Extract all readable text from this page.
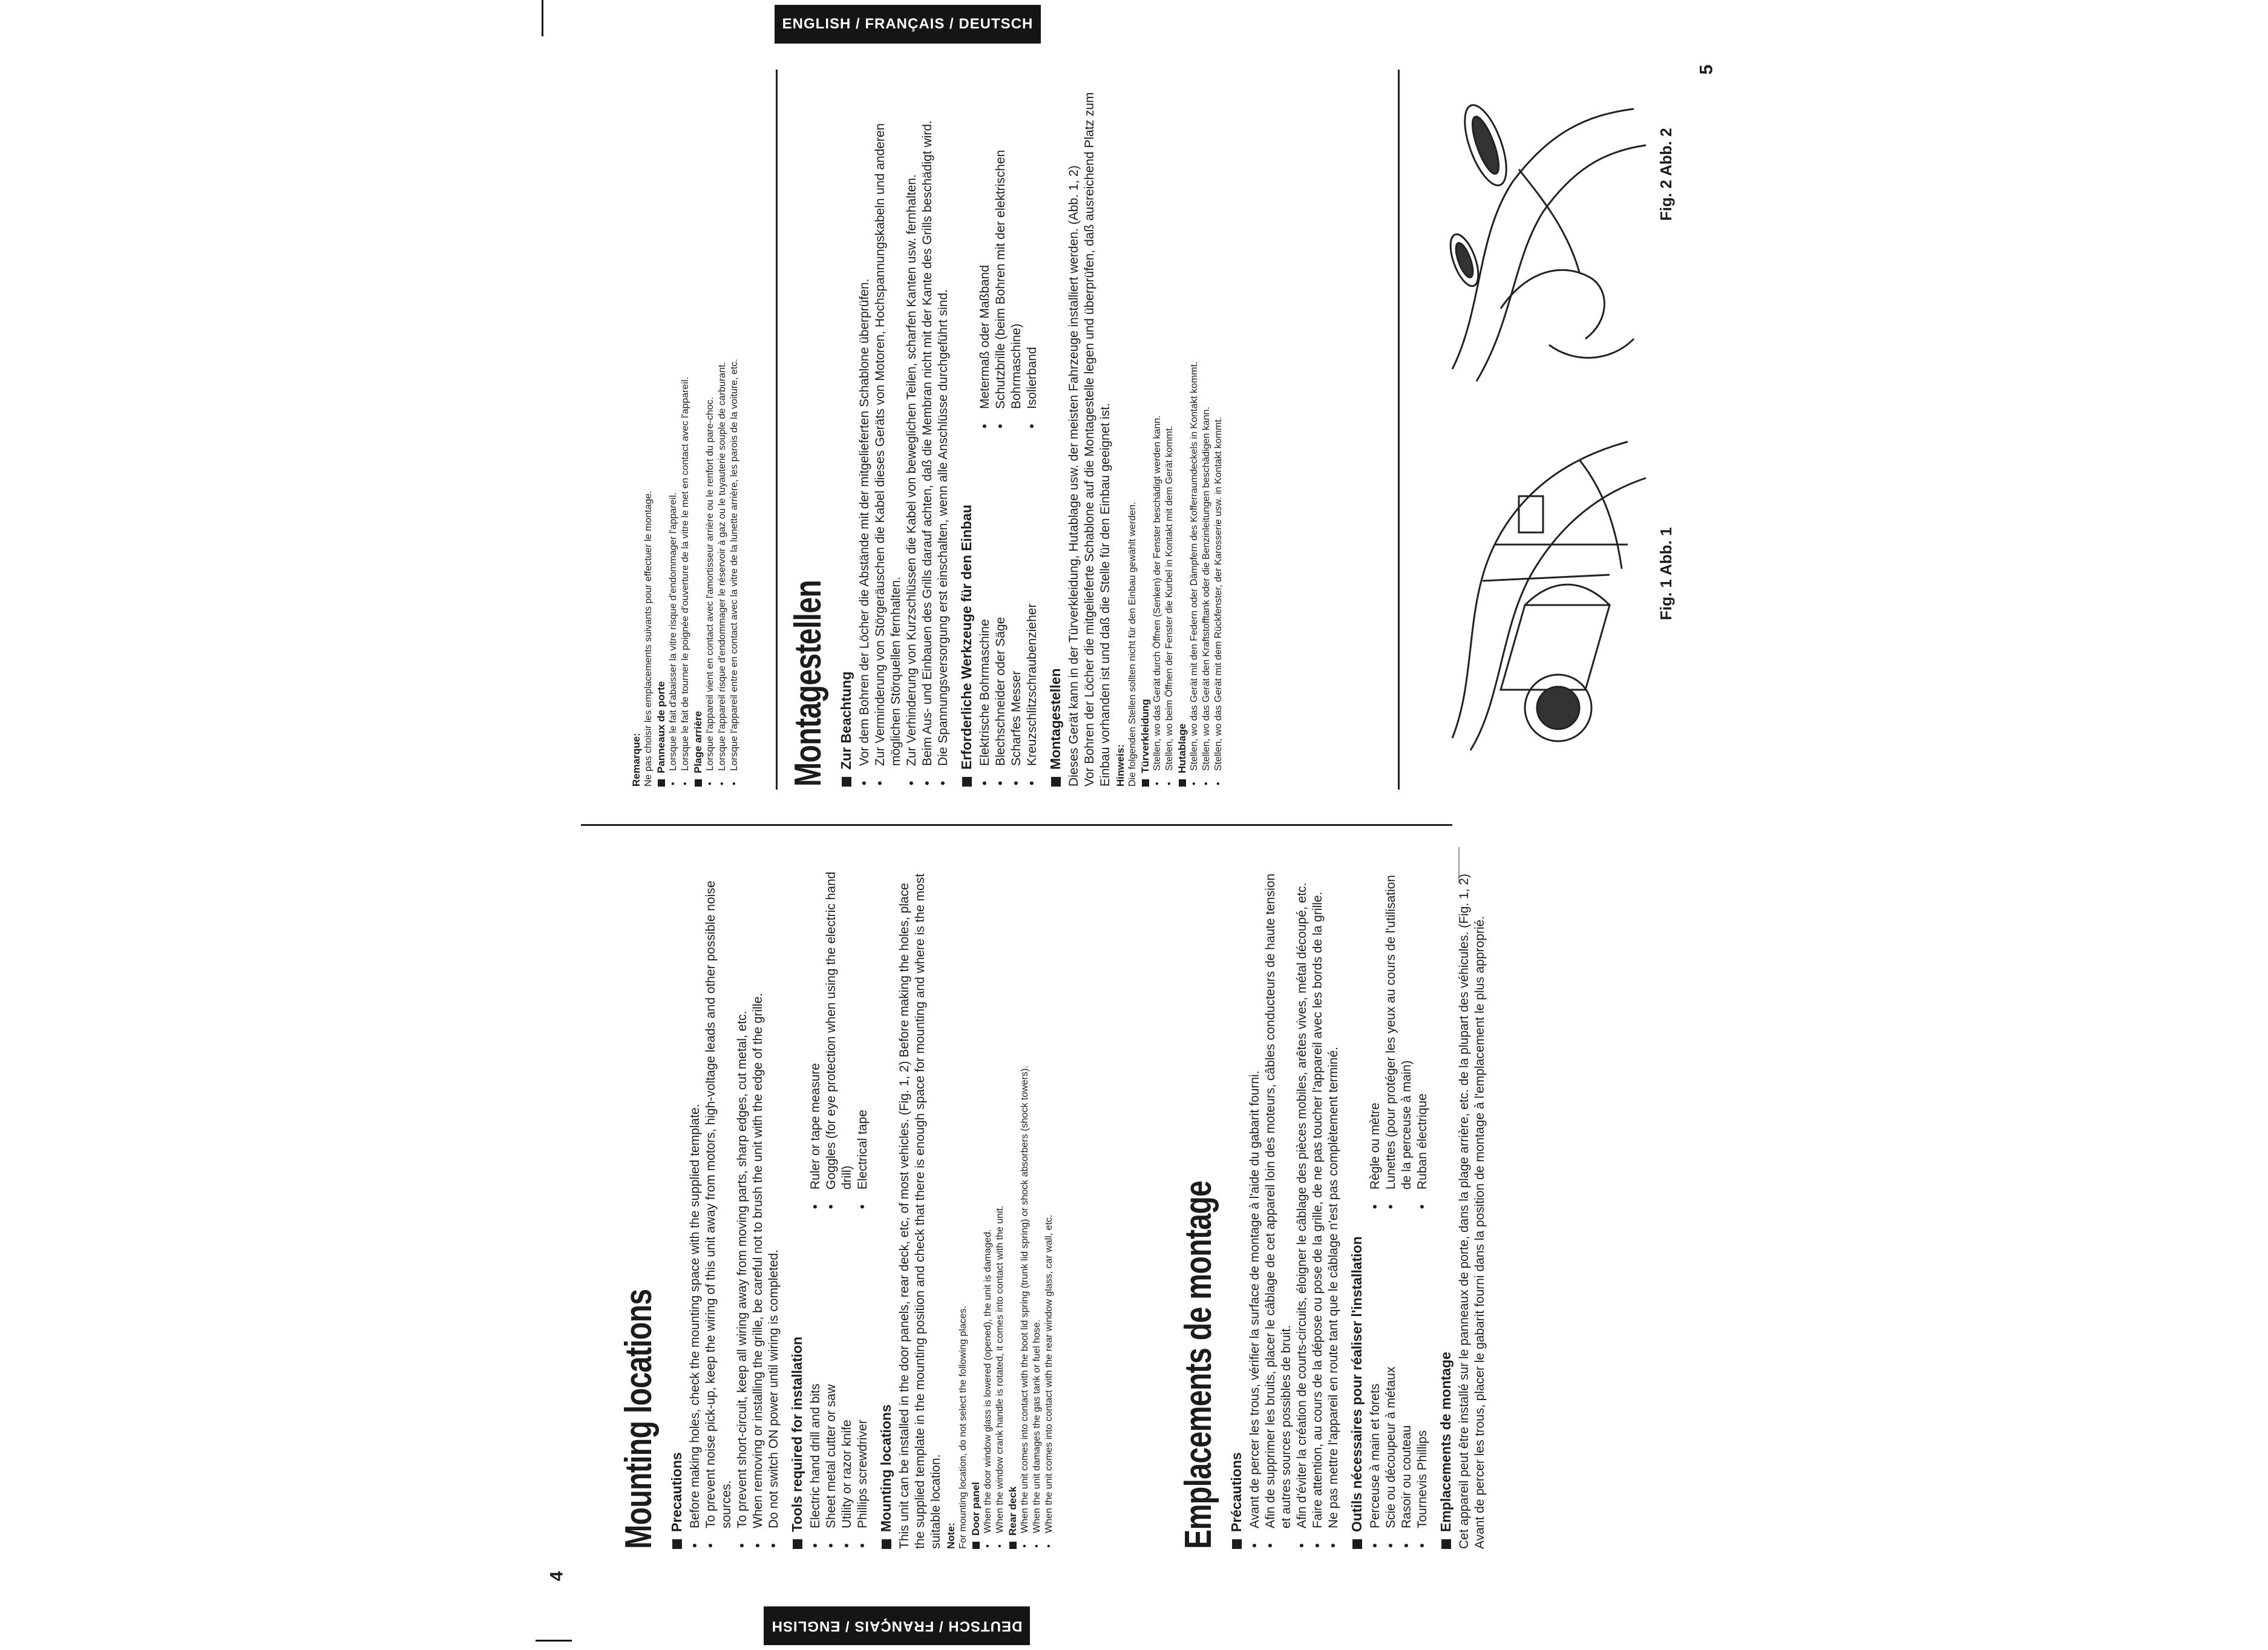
ENGLISH / FRANÇAIS / DEUTSCH
DEUTSCH / FRANÇAIS / ENGLISH
4
5
Mounting locations Precautions • Before making holes, check the mounting space with the supplied template. • To prevent noise pick-up, keep the wiring of this unit away from motors, high-voltage leads and other possible noise sources. • To prevent short-circuit, keep all wiring away from moving parts, sharp edges, cut metal, etc. • When removing or installing the grille, be careful not to brush the unit with the edge of the grille. • Do not switch ON power until wiring is completed. Tools required for installation • Electric hand drill and bits • Sheet metal cutter or saw • Utility or razor knife • Phillips screwdriver
• Ruler or tape measure • Goggles (for eye protection when using the electric hand drill) • Electrical tape
Mounting locations This unit can be installed in the door panels, rear deck, etc, of most vehicles. (Fig. 1, 2) Before making the holes, place the supplied template in the mounting position and check that there is enough space for mounting and where is the most suitable location. Note: For mounting location, do not select the following places. Door panel • When the door window glass is lowered (opened), the unit is damaged. • When the window crank handle is rotated, it comes into contact with the unit. Rear deck • When the unit comes into contact with the boot lid spring (trunk lid spring) or shock absorbers (shock towers). • When the unit damages the gas tank or fuel hose. • When the unit comes into contact with the rear window glass, car wall, etc.	Emplacements de montage Précautions • Avant de percer les trous, vérifier la surface de montage à l'aide du gabarit fourni. • Afin de supprimer les bruits, placer le câblage de cet appareil loin des moteurs, câbles conducteurs de haute tension et autres sources possibles de bruit. • Afin d'éviter la création de courts-circuits, éloigner le câblage des pièces mobiles, arêtes vives, métal découpé, etc. • Faire attention, au cours de la dépose ou pose de la grille, de ne pas toucher l'appareil avec les bords de la grille. • Ne pas mettre l'appareil en route tant que le câblage n'est pas complètement terminé. Outils nécessaires pour réaliser l'installation • Perceuse à main et forets • Scie ou découpeur à métaux • Rasoir ou couteau • Tournevis Phillips
• Règle ou mètre • Lunettes (pour protéger les yeux au cours de l'utilisation de la perceuse à main) • Ruban électrique
Emplacements de montage Cet appareil peut être installé sur le panneaux de porte, dans la plage arrière, etc. de la plupart des véhicules. (Fig. 1, 2) Avant de percer les trous, placer le gabarit fourni dans la position de montage à l'emplacement le plus approprié.

Remarque: Ne pas choisir les emplacements suivants pour effectuer le montage. Panneaux de porte • Lorsque le fait d'abaisser la vitre risque d'endommager l'appareil. • Lorsque le fait de tourner le poignée d'ouverture de la vitre le met en contact avec l'appareil. Plage arrière • Lorsque l'appareil vient en contact avec l'amortisseur arrière ou le renfort du pare-choc. • Lorsque l'appareil risque d'endommager le réservoir à gaz ou le tuyauterie souple de carburant. • Lorsque l'appareil entre en contact avec la vitre de la lunette arrière, les parois de la voiture, etc. Montagestellen Zur Beachtung • Vor dem Bohren der Löcher die Abstände mit der mitgelieferten Schablone überprüfen. • Zur Verminderung von Störgeräuschen die Kabel dieses Geräts von Motoren, Hochspannungskabeln und anderen möglichen Störquellen fernhalten. • Zur Verhinderung von Kurzschlüssen die Kabel von beweglichen Teilen, scharfen Kanten usw. fernhalten. • Beim Aus- und Einbauen des Grills darauf achten, daß die Membran nicht mit der Kante des Grills beschädigt wird. • Die Spannungsversorgung erst einschalten, wenn alle Anschlüsse durchgeführt sind. Erforderliche Werkzeuge für den Einbau • Elektrische Bohrmaschine • Blechschneider oder Säge • Scharfes Messer • Kreuzschlitzschraubenzieher
• Metermaß oder Maßband • Schutzbrille (beim Bohren mit der elektrischen Bohrmaschine) • Isolierband
Montagestellen Dieses Gerät kann in der Türverkleidung, Hutablage usw. der meisten Fahrzeuge installiert werden. (Abb. 1, 2) Vor Bohren der Löcher die mitgelieferte Schablone auf die Montagestelle legen und überprüfen, daß ausreichend Platz zum Einbau vorhanden ist und daß die Stelle für den Einbau geeignet ist. Hinweis: Die folgenden Stellen sollten nicht für den Einbau gewählt werden. Türverkleidung • Stellen, wo das Gerät durch Öffnen (Senken) der Fenster beschädigt werden kann. • Stellen, wo beim Öffnen der Fenster die Kurbel in Kontakt mit dem Gerät kommt. Hutablage • Stellen, wo das Gerät mit den Federn oder Dämpfern des Kofferraumdeckels in Kontakt kommt. • Stellen, wo das Gerät den Kraftstofftank oder die Benzinleitungen beschädigen kann. • Stellen, wo das Gerät mit dem Rückfenster, der Karosserie usw. in Kontakt kommt.	Fig. 1 Abb. 1
Fig. 2 Abb. 2
